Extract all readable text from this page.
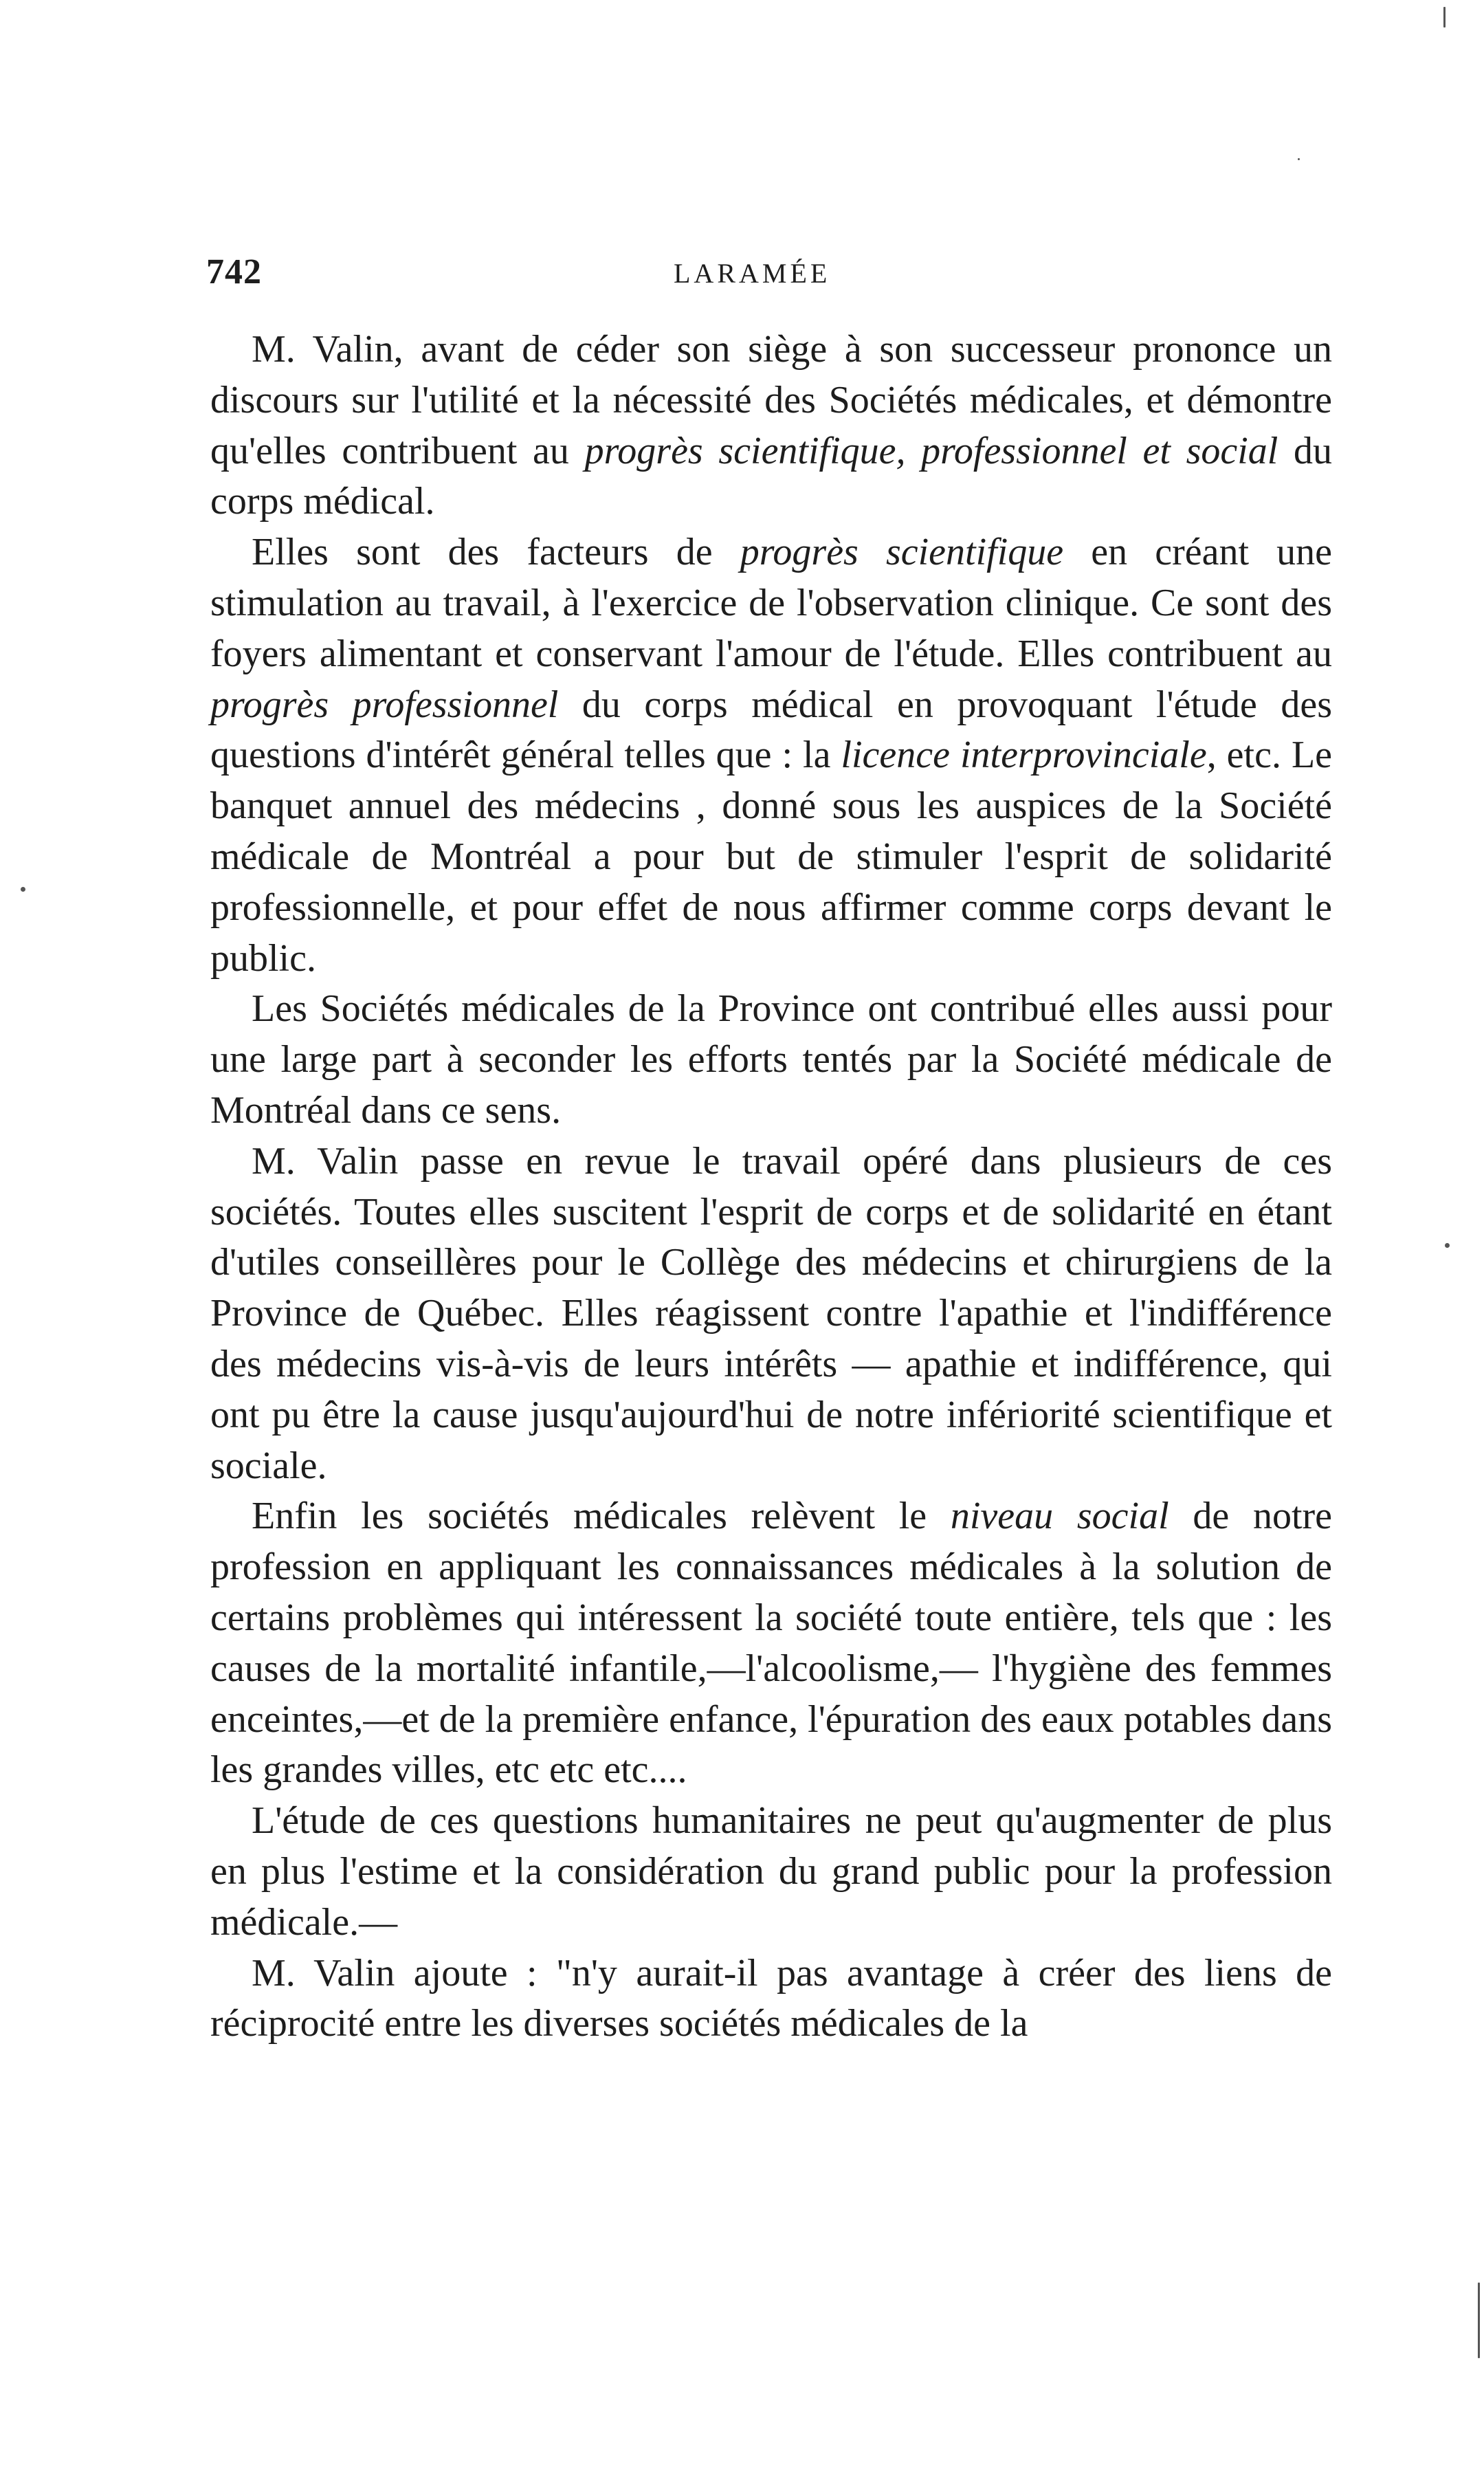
742	LARAMÉE

M. Valin, avant de céder son siège à son successeur prononce un discours sur l'utilité et la nécessité des Sociétés médicales, et démontre qu'elles contribuent au progrès scientifique, professionnel et social du corps médical.

Elles sont des facteurs de progrès scientifique en créant une stimulation au travail, à l'exercice de l'observation clinique. Ce sont des foyers alimentant et conservant l'amour de l'étude. Elles contribuent au progrès professionnel du corps médical en provoquant l'étude des questions d'intérêt général telles que : la licence interprovinciale, etc. Le banquet annuel des médecins , donné sous les auspices de la Société médicale de Montréal a pour but de stimuler l'esprit de solidarité professionnelle, et pour effet de nous affirmer comme corps devant le public.

Les Sociétés médicales de la Province ont contribué elles aussi pour une large part à seconder les efforts tentés par la Société médicale de Montréal dans ce sens.

M. Valin passe en revue le travail opéré dans plusieurs de ces sociétés. Toutes elles suscitent l'esprit de corps et de solidarité en étant d'utiles conseillères pour le Collège des médecins et chirurgiens de la Province de Québec. Elles réagissent contre l'apathie et l'indifférence des médecins vis-à-vis de leurs intérêts — apathie et indifférence, qui ont pu être la cause jusqu'aujourd'hui de notre infériorité scientifique et sociale.

Enfin les sociétés médicales relèvent le niveau social de notre profession en appliquant les connaissances médicales à la solution de certains problèmes qui intéressent la société toute entière, tels que : les causes de la mortalité infantile,—l'alcoolisme,— l'hygiène des femmes enceintes,—et de la première enfance, l'épuration des eaux potables dans les grandes villes, etc etc etc....

L'étude de ces questions humanitaires ne peut qu'augmenter de plus en plus l'estime et la considération du grand public pour la profession médicale.—

M. Valin ajoute : "n'y aurait-il pas avantage à créer des liens de réciprocité entre les diverses sociétés médicales de la
